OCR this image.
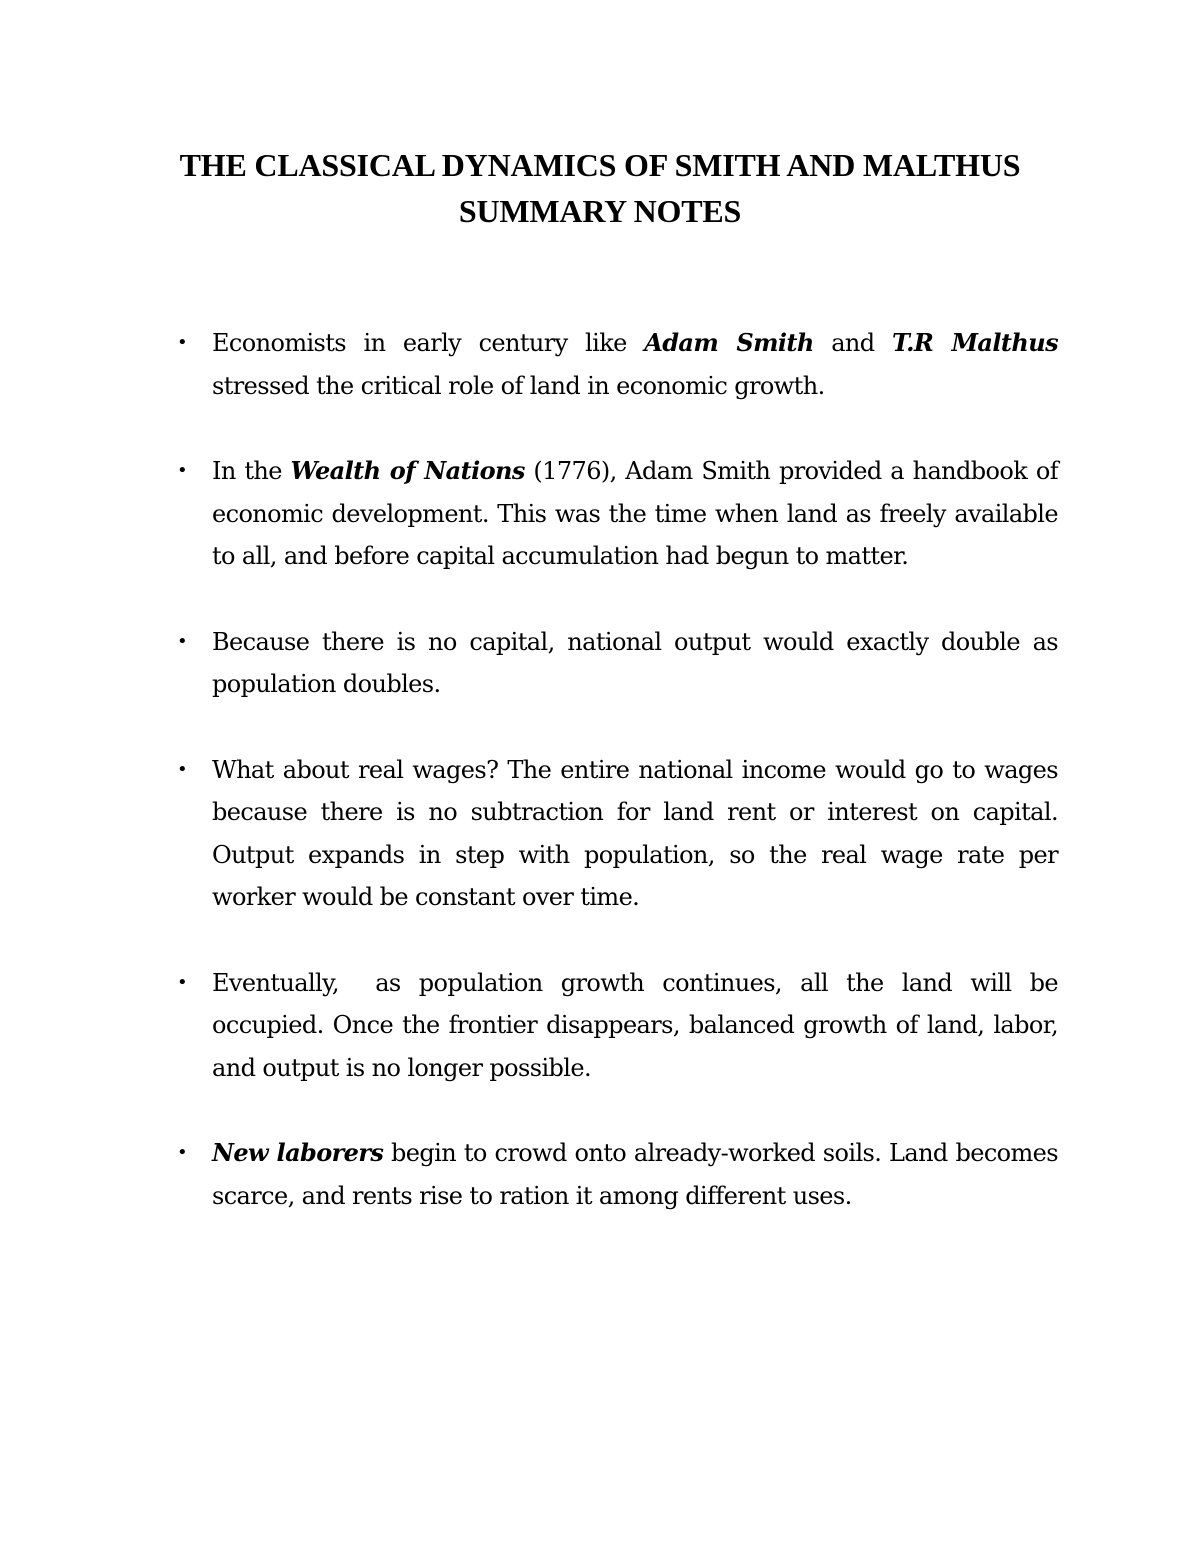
THE CLASSICAL DYNAMICS OF SMITH AND MALTHUS
SUMMARY NOTES
• Economists in early century like Adam Smith and T.R Malthus stressed the critical role of land in economic growth.
• In the Wealth of Nations (1776), Adam Smith provided a handbook of economic development. This was the time when land as freely available to all, and before capital accumulation had begun to matter.
• Because there is no capital, national output would exactly double as population doubles.
• What about real wages? The entire national income would go to wages because there is no subtraction for land rent or interest on capital. Output expands in step with population, so the real wage rate per worker would be constant over time.
• Eventually,  as population growth continues, all the land will be occupied. Once the frontier disappears, balanced growth of land, labor, and output is no longer possible.
• New laborers begin to crowd onto already-worked soils. Land becomes scarce, and rents rise to ration it among different uses.
